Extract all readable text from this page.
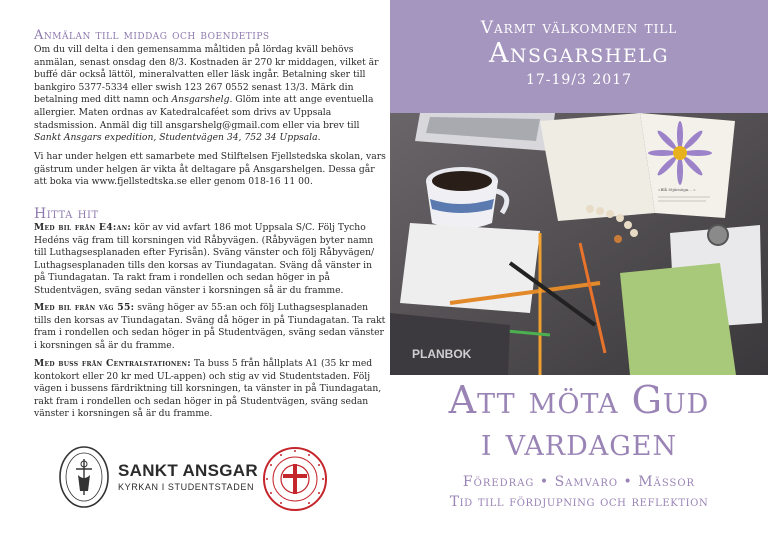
Anmälan till middag och boendetips

Om du vill delta i den gemensamma måltiden på lördag kväll behövs anmälan, senast onsdag den 8/3. Kostnaden är 270 kr middagen, vilket är buffé där också lättöl, mineralvatten eller läsk ingår. Betalning sker till bankgiro 5377-5334 eller swish 123 267 0552 senast 13/3. Märk din betalning med ditt namn och Ansgarshelg. Glöm inte att ange eventuella allergier. Maten ordnas av Katedralcaféet som drivs av Uppsala stadsmission. Anmäl dig till ansgarshelg@gmail.com eller via brev till Sankt Ansgars expedition, Studentvägen 34, 752 34 Uppsala.

Vi har under helgen ett samarbete med Stilftelsen Fjellstedska skolan, vars gästrum under helgen är vikta åt deltagare på Ansgarshelgen. Dessa går att boka via www.fjellstedtska.se eller genom 018-16 11 00.

Hitta hit

Med bil från E4:an: kör av vid avfart 186 mot Uppsala S/C. Följ Tycho Hedéns väg fram till korsningen vid Råbyvägen. (Råbyvägen byter namn till Luthagsesplanaden efter Fyrisån). Sväng vänster och följ Råbyvägen/ Luthagsesplanaden tills den korsas av Tiundagatan. Sväng då vänster in på Tiundagatan. Ta rakt fram i rondellen och sedan höger in på Studentvägen, sväng sedan vänster i korsningen så är du framme.

Med bil från väg 55: sväng höger av 55:an och följ Luthagsesplanaden tills den korsas av Tiundagatan. Sväng då höger in på Tiundagatan. Ta rakt fram i rondellen och sedan höger in på Studentvägen, sväng sedan vänster i korsningen så är du framme.

Med buss från Centralstationen: Ta buss 5 från hållplats A1 (35 kr med kontokort eller 20 kr med UL-appen) och stig av vid Studentstaden. Följ vägen i bussens färdriktning till korsningen, ta vänster in på Tiundagatan, rakt fram i rondellen och sedan höger in på Studentvägen, sväng sedan vänster i korsningen så är du framme.

SANKT ANSGAR
KYRKAN I STUDENTSTADEN
Varmt välkommen till
Ansgarshelg
17-19/3 2017
»Blå Stjärnöga... «
PLANBOK
Att möta Gud
i vardagen
Föredrag • Samvaro • Mässor
Tid till fördjupning och reflektion
